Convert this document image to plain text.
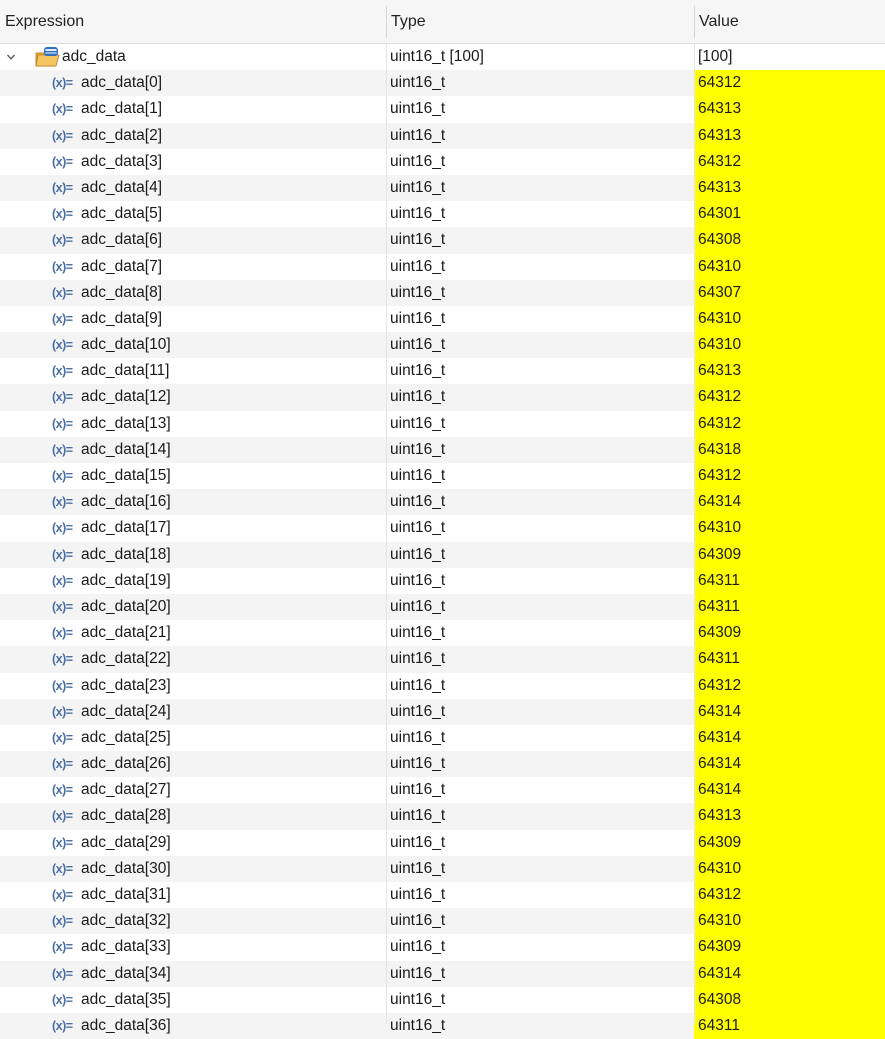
Expression	Type	Value
adc_data	uint16_t [100]	[100]
(x)= adc_data[0]	uint16_t	64312
(x)= adc_data[1]	uint16_t	64313
(x)= adc_data[2]	uint16_t	64313
(x)= adc_data[3]	uint16_t	64312
(x)= adc_data[4]	uint16_t	64313
(x)= adc_data[5]	uint16_t	64301
(x)= adc_data[6]	uint16_t	64308
(x)= adc_data[7]	uint16_t	64310
(x)= adc_data[8]	uint16_t	64307
(x)= adc_data[9]	uint16_t	64310
(x)= adc_data[10]	uint16_t	64310
(x)= adc_data[11]	uint16_t	64313
(x)= adc_data[12]	uint16_t	64312
(x)= adc_data[13]	uint16_t	64312
(x)= adc_data[14]	uint16_t	64318
(x)= adc_data[15]	uint16_t	64312
(x)= adc_data[16]	uint16_t	64314
(x)= adc_data[17]	uint16_t	64310
(x)= adc_data[18]	uint16_t	64309
(x)= adc_data[19]	uint16_t	64311
(x)= adc_data[20]	uint16_t	64311
(x)= adc_data[21]	uint16_t	64309
(x)= adc_data[22]	uint16_t	64311
(x)= adc_data[23]	uint16_t	64312
(x)= adc_data[24]	uint16_t	64314
(x)= adc_data[25]	uint16_t	64314
(x)= adc_data[26]	uint16_t	64314
(x)= adc_data[27]	uint16_t	64314
(x)= adc_data[28]	uint16_t	64313
(x)= adc_data[29]	uint16_t	64309
(x)= adc_data[30]	uint16_t	64310
(x)= adc_data[31]	uint16_t	64312
(x)= adc_data[32]	uint16_t	64310
(x)= adc_data[33]	uint16_t	64309
(x)= adc_data[34]	uint16_t	64314
(x)= adc_data[35]	uint16_t	64308
(x)= adc_data[36]	uint16_t	64311
